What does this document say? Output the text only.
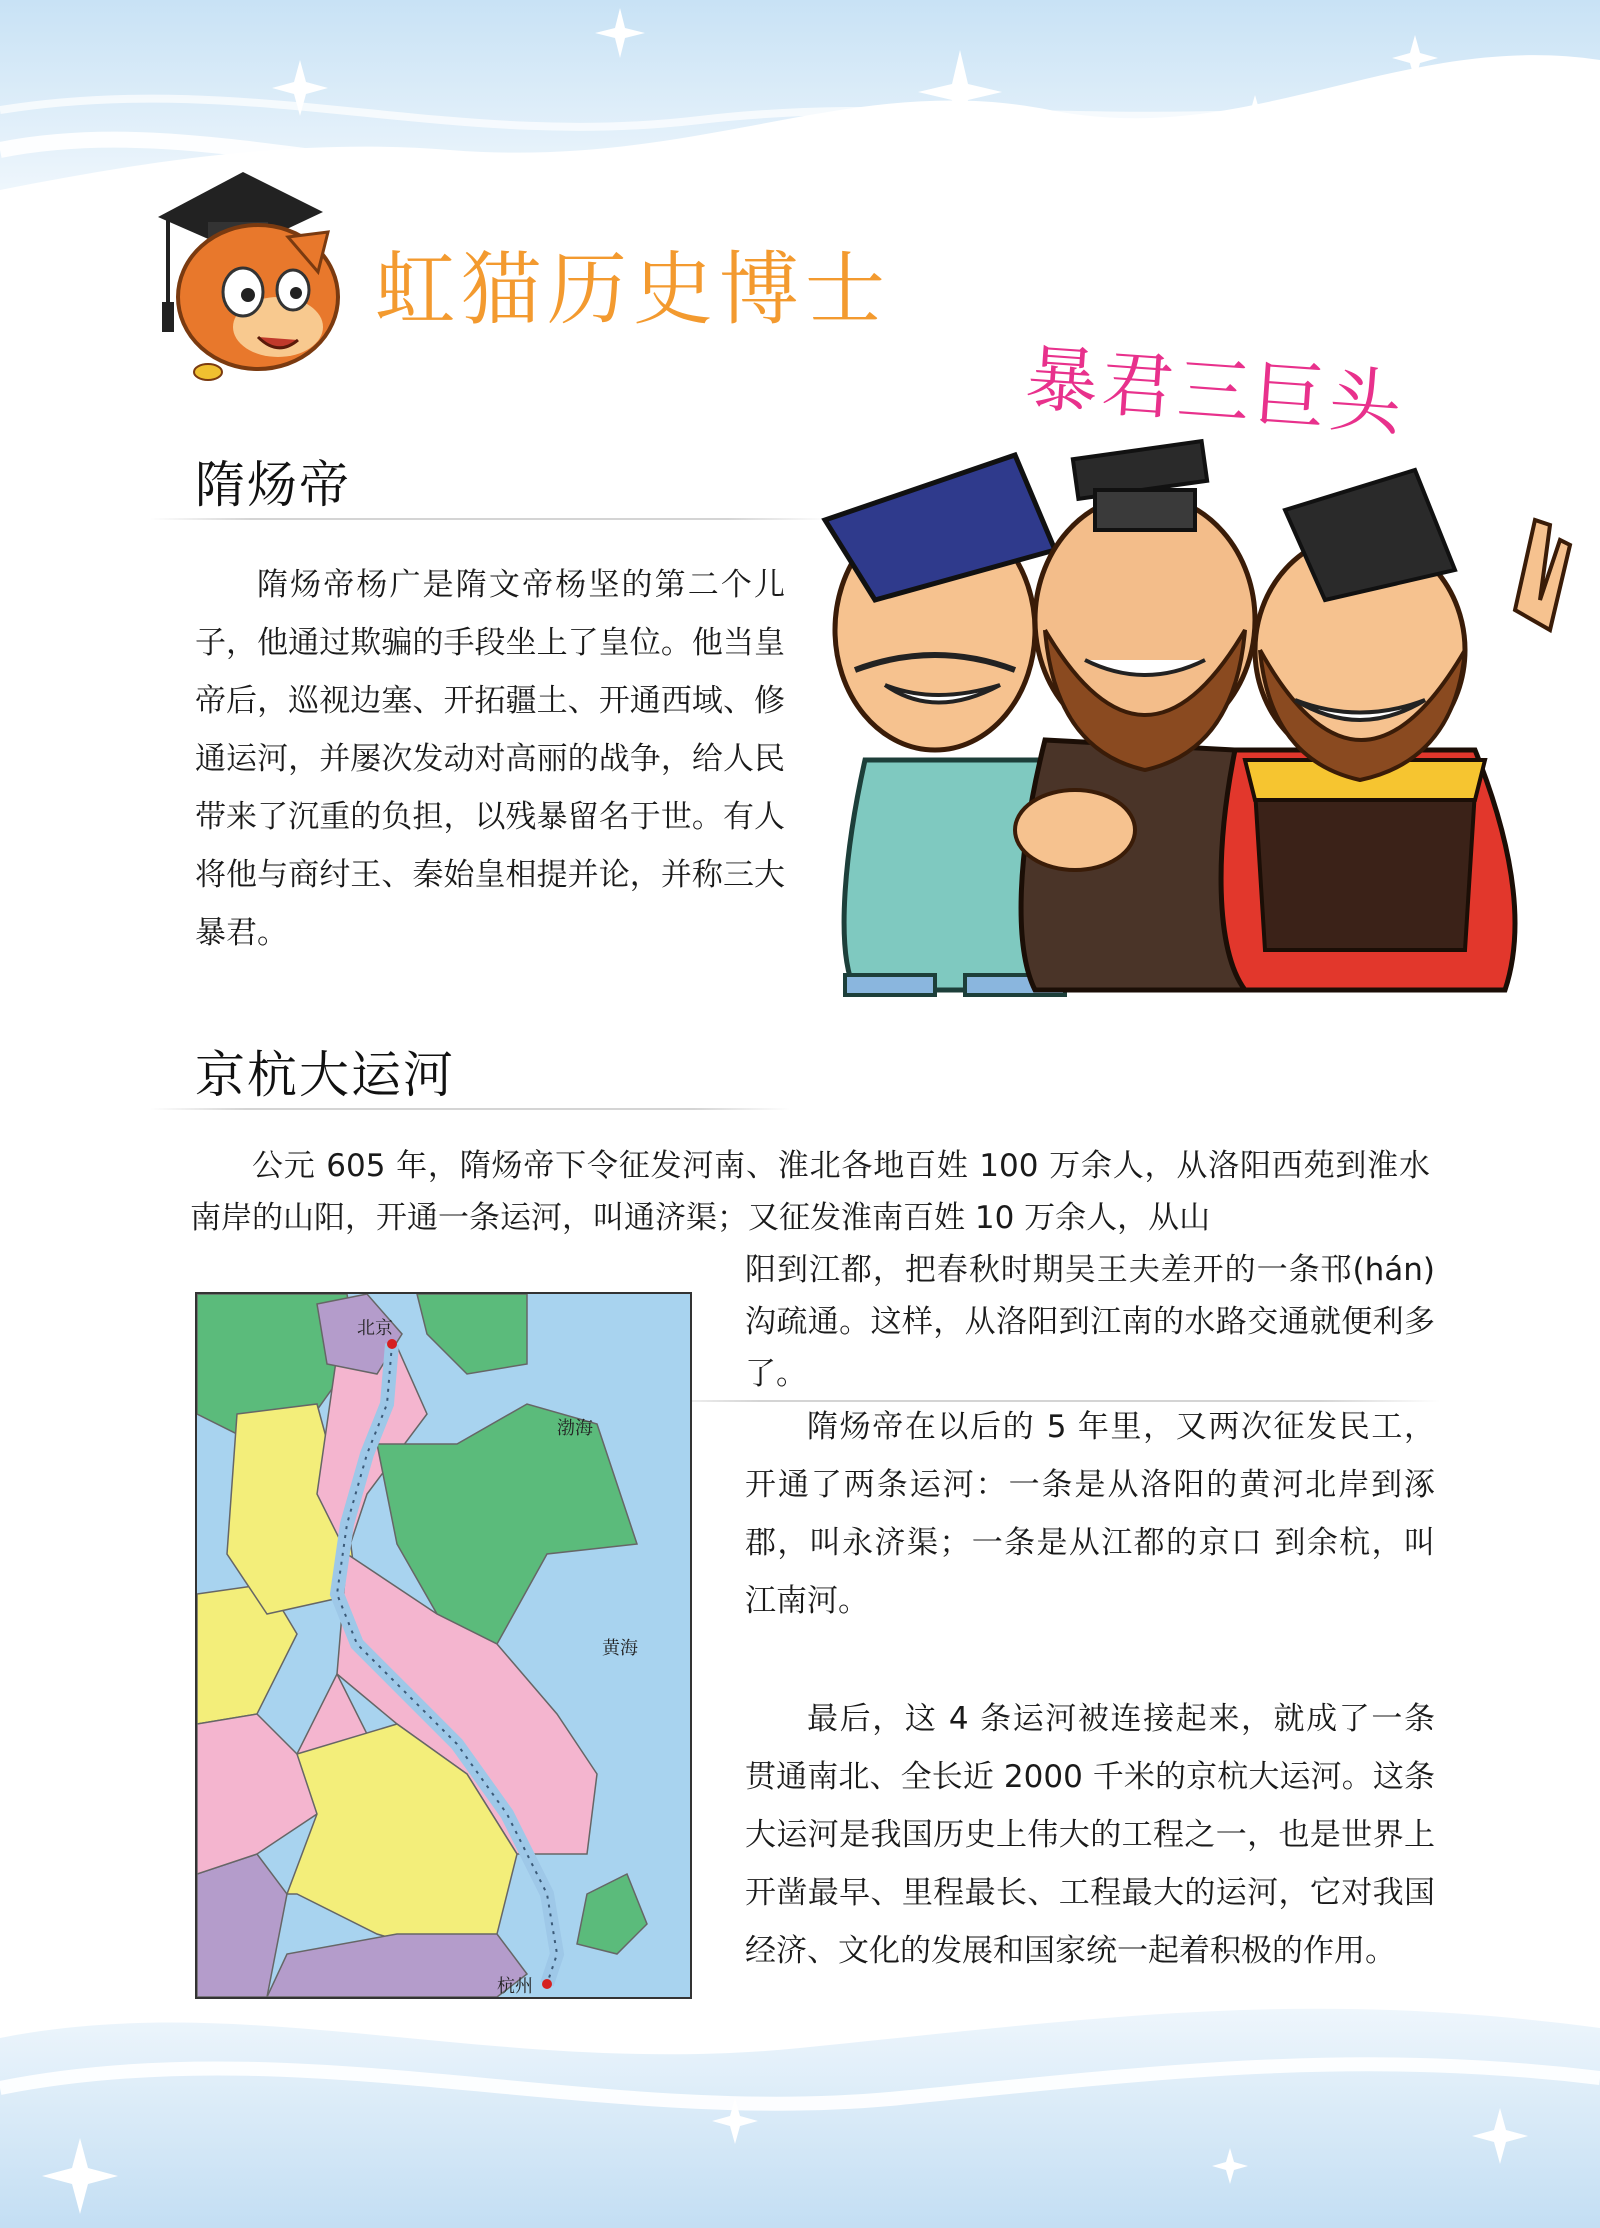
虹猫历史博士
暴君三巨头
隋炀帝
隋炀帝杨广是隋文帝杨坚的第二个儿子，他通过欺骗的手段坐上了皇位。他当皇帝后，巡视边塞、开拓疆土、开通西域、修通运河，并屡次发动对高丽的战争，给人民带来了沉重的负担，以残暴留名于世。有人将他与商纣王、秦始皇相提并论，并称三大暴君。
京杭大运河
公元 605 年，隋炀帝下令征发河南、淮北各地百姓 100 万余人，从洛阳西苑到淮水南岸的山阳，开通一条运河，叫通济渠；又征发淮南百姓 10 万余人，从山
阳到江都，把春秋时期吴王夫差开的一条邗(hán)沟疏通。这样，从洛阳到江南的水路交通就便利多了。
隋炀帝在以后的 5 年里，又两次征发民工，开通了两条运河：一条是从洛阳的黄河北岸到涿郡，叫永济渠；一条是从江都的京口 到余杭，叫江南河。
最后，这 4 条运河被连接起来，就成了一条贯通南北、全长近 2000 千米的京杭大运河。这条大运河是我国历史上伟大的工程之一，也是世界上开凿最早、里程最长、工程最大的运河，它对我国经济、文化的发展和国家统一起着积极的作用。
北京
渤海
黄海
杭州
